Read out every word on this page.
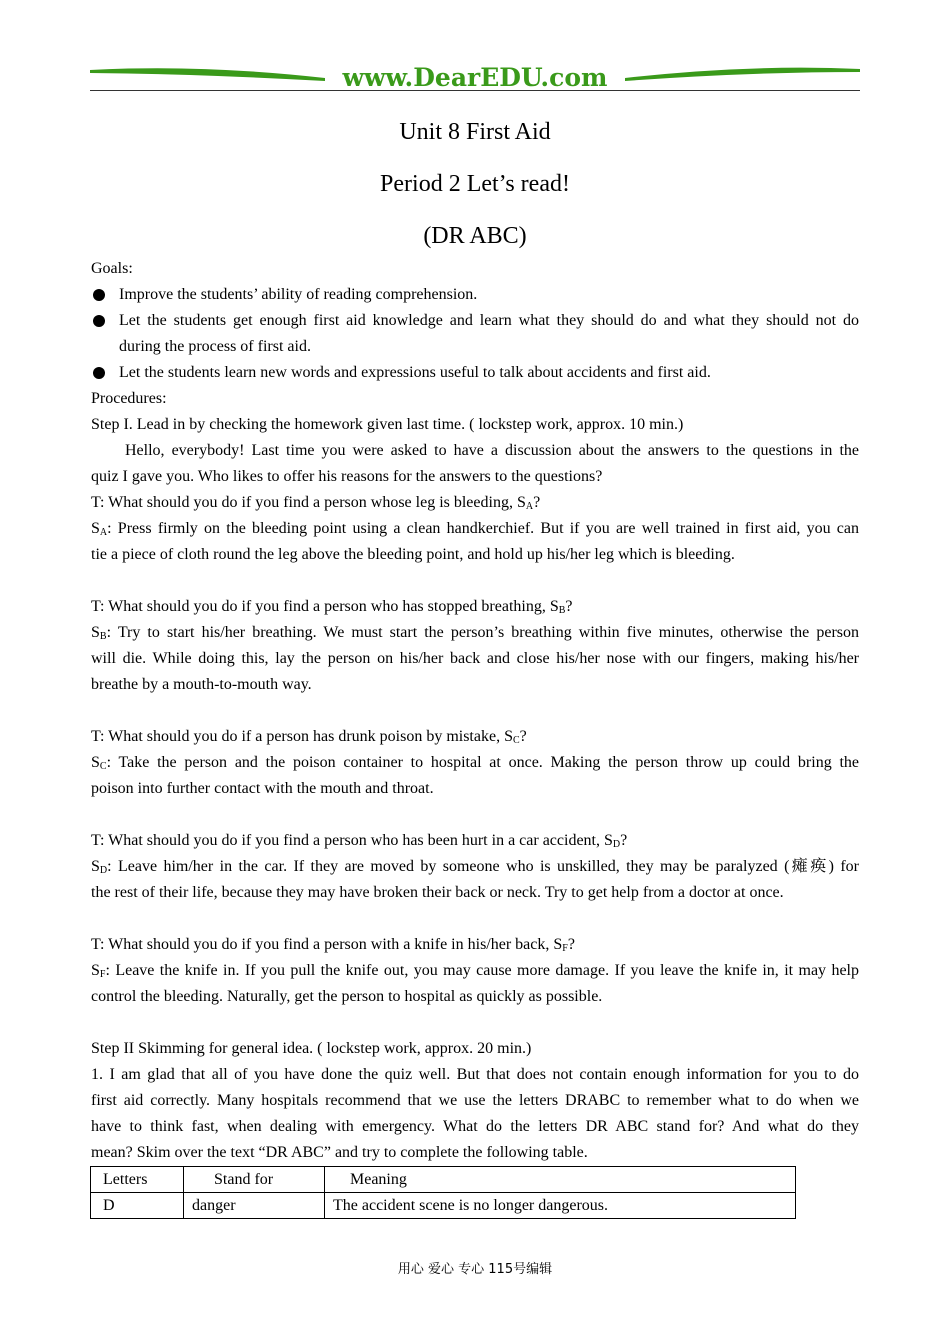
www.DearEDU.com
Unit 8 First Aid
Period 2 Let’s read!
(DR ABC)
Goals:
Improve the students’ ability of reading comprehension.
Let the students get enough first aid knowledge and learn what they should do and what they should not do
during the process of first aid.
Let the students learn new words and expressions useful to talk about accidents and first aid.
Procedures:
Step I. Lead in by checking the homework given last time. ( lockstep work, approx. 10 min.)
Hello, everybody! Last time you were asked to have a discussion about the answers to the questions in the
quiz I gave you. Who likes to offer his reasons for the answers to the questions?
T: What should you do if you find a person whose leg is bleeding, $S_A$?
$S_A$: Press firmly on the bleeding point using a clean handkerchief. But if you are well trained in first aid, you can
tie a piece of cloth round the leg above the bleeding point, and hold up his/her leg which is bleeding.
T: What should you do if you find a person who has stopped breathing, $S_B$?
$S_B$: Try to start his/her breathing. We must start the person’s breathing within five minutes, otherwise the person
will die. While doing this, lay the person on his/her back and close his/her nose with our fingers, making his/her
breathe by a mouth-to-mouth way.
T: What should you do if a person has drunk poison by mistake, $S_C$?
$S_C$: Take the person and the poison container to hospital at once. Making the person throw up could bring the
poison into further contact with the mouth and throat.
T: What should you do if you find a person who has been hurt in a car accident, $S_D$?
$S_D$: Leave him/her in the car. If they are moved by someone who is unskilled, they may be paralyzed (瘫痪) for
the rest of their life, because they may have broken their back or neck. Try to get help from a doctor at once.
T: What should you do if you find a person with a knife in his/her back, $S_F$?
$S_F$: Leave the knife in. If you pull the knife out, you may cause more damage. If you leave the knife in, it may help
control the bleeding. Naturally, get the person to hospital as quickly as possible.
Step II Skimming for general idea. ( lockstep work, approx. 20 min.)
1. I am glad that all of you have done the quiz well. But that does not contain enough information for you to do
first aid correctly. Many hospitals recommend that we use the letters DRABC to remember what to do when we
have to think fast, when dealing with emergency. What do the letters DR ABC stand for? And what do they
mean? Skim over the text “DR ABC” and try to complete the following table.
Letters	Stand for	Meaning
D	danger	The accident scene is no longer dangerous.
用心 爱心 专心 115号编辑
